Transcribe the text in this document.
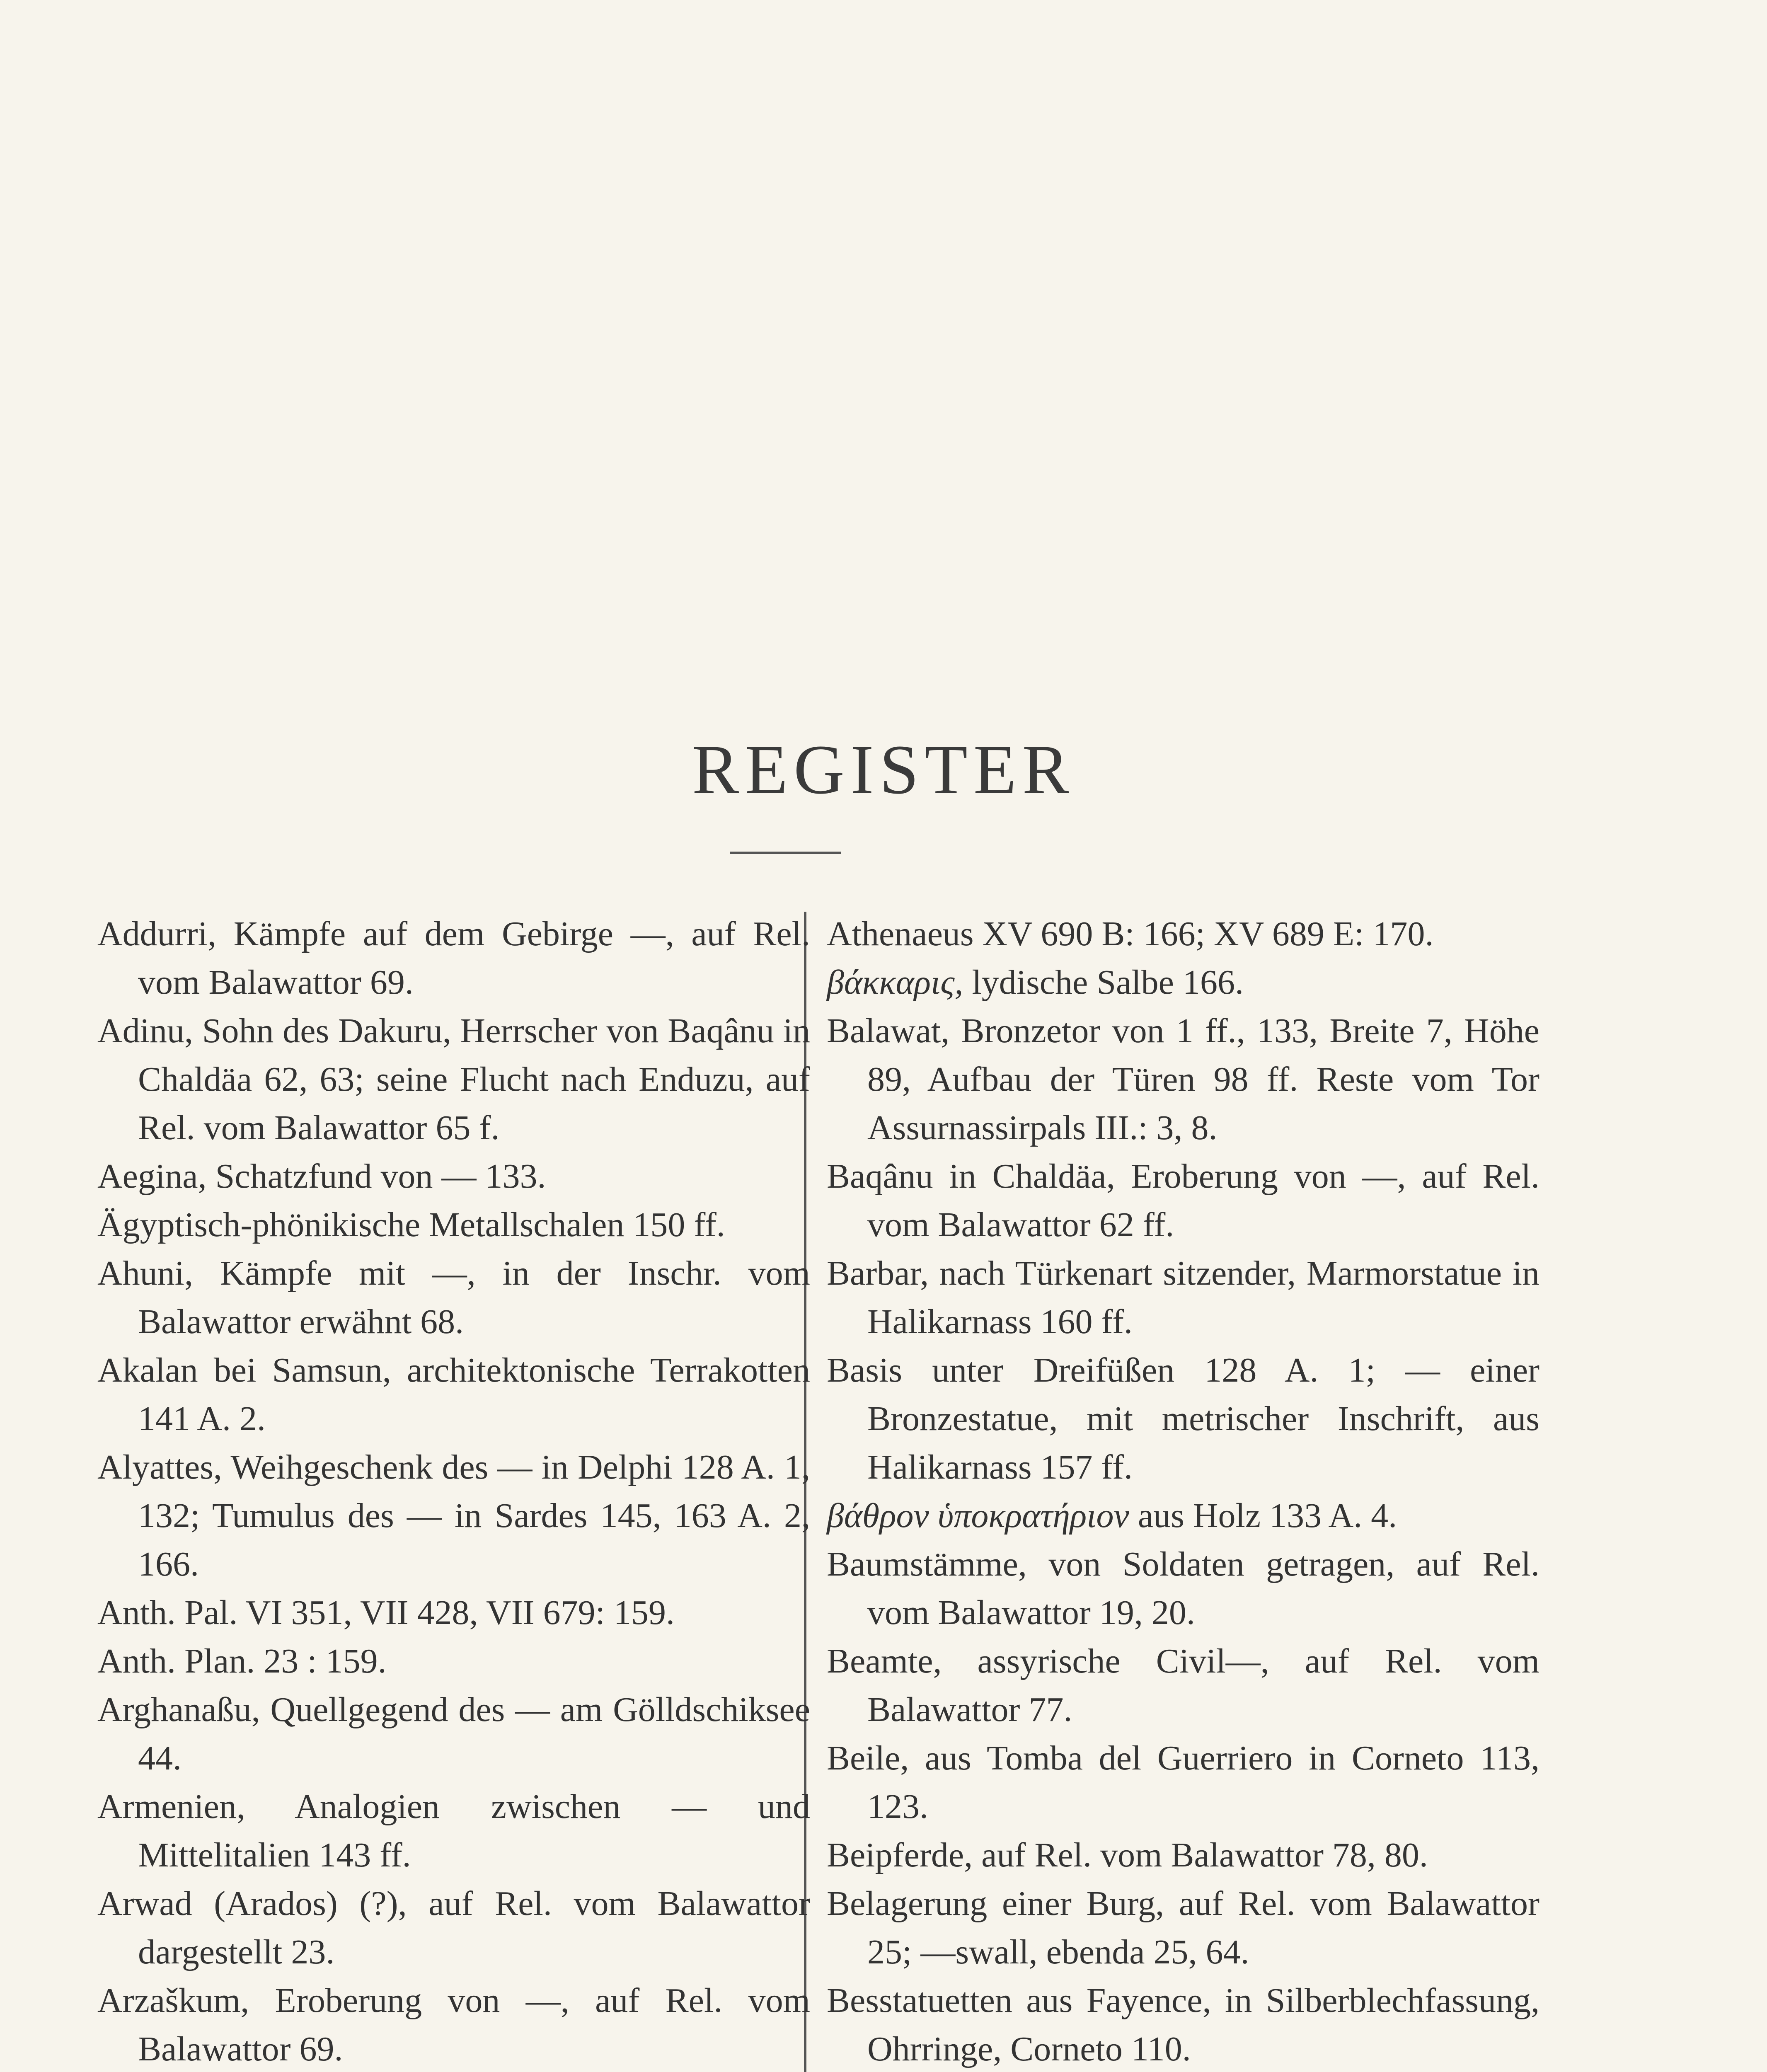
REGISTER
Addurri, Kämpfe auf dem Gebirge —, auf Rel. vom Balawattor 69.
Adinu, Sohn des Dakuru, Herrscher von Baqânu in Chaldäa 62, 63; seine Flucht nach Enduzu, auf Rel. vom Balawattor 65 f.
Aegina, Schatzfund von — 133.
Ägyptisch-phönikische Metallschalen 150 ff.
Ahuni, Kämpfe mit —, in der Inschr. vom Balawattor erwähnt 68.
Akalan bei Samsun, architektonische Terrakotten 141 A. 2.
Alyattes, Weihgeschenk des — in Delphi 128 A. 1, 132; Tumulus des — in Sardes 145, 163 A. 2, 166.
Anth. Pal. VI 351, VII 428, VII 679: 159.
Anth. Plan. 23 : 159.
Arghanaßu, Quellgegend des — am Gölldschiksee 44.
Armenien, Analogien zwischen — und Mittelitalien 143 ff.
Arwad (Arados) (?), auf Rel. vom Balawattor dargestellt 23.
Arzaškum, Eroberung von —, auf Rel. vom Balawattor 69.
Athenaeus XV 690 B: 166; XV 689 E: 170.
βάκκαρις, lydische Salbe 166.
Balawat, Bronzetor von 1 ff., 133, Breite 7, Höhe 89, Aufbau der Türen 98 ff. Reste vom Tor Assurnassirpals III.: 3, 8.
Baqânu in Chaldäa, Eroberung von —, auf Rel. vom Balawattor 62 ff.
Barbar, nach Türkenart sitzender, Marmorstatue in Halikarnass 160 ff.
Basis unter Dreifüßen 128 A. 1; — einer Bronzestatue, mit metrischer Inschrift, aus Halikarnass 157 ff.
βάθρον ὑποκρατήριον aus Holz 133 A. 4.
Baumstämme, von Soldaten getragen, auf Rel. vom Balawattor 19, 20.
Beamte, assyrische Civil—, auf Rel. vom Balawattor 77.
Beile, aus Tomba del Guerriero in Corneto 113, 123.
Beipferde, auf Rel. vom Balawattor 78, 80.
Belagerung einer Burg, auf Rel. vom Balawattor 25; —swall, ebenda 25, 64.
Besstatuetten aus Fayence, in Silberblechfassung, Ohrringe, Corneto 110.
